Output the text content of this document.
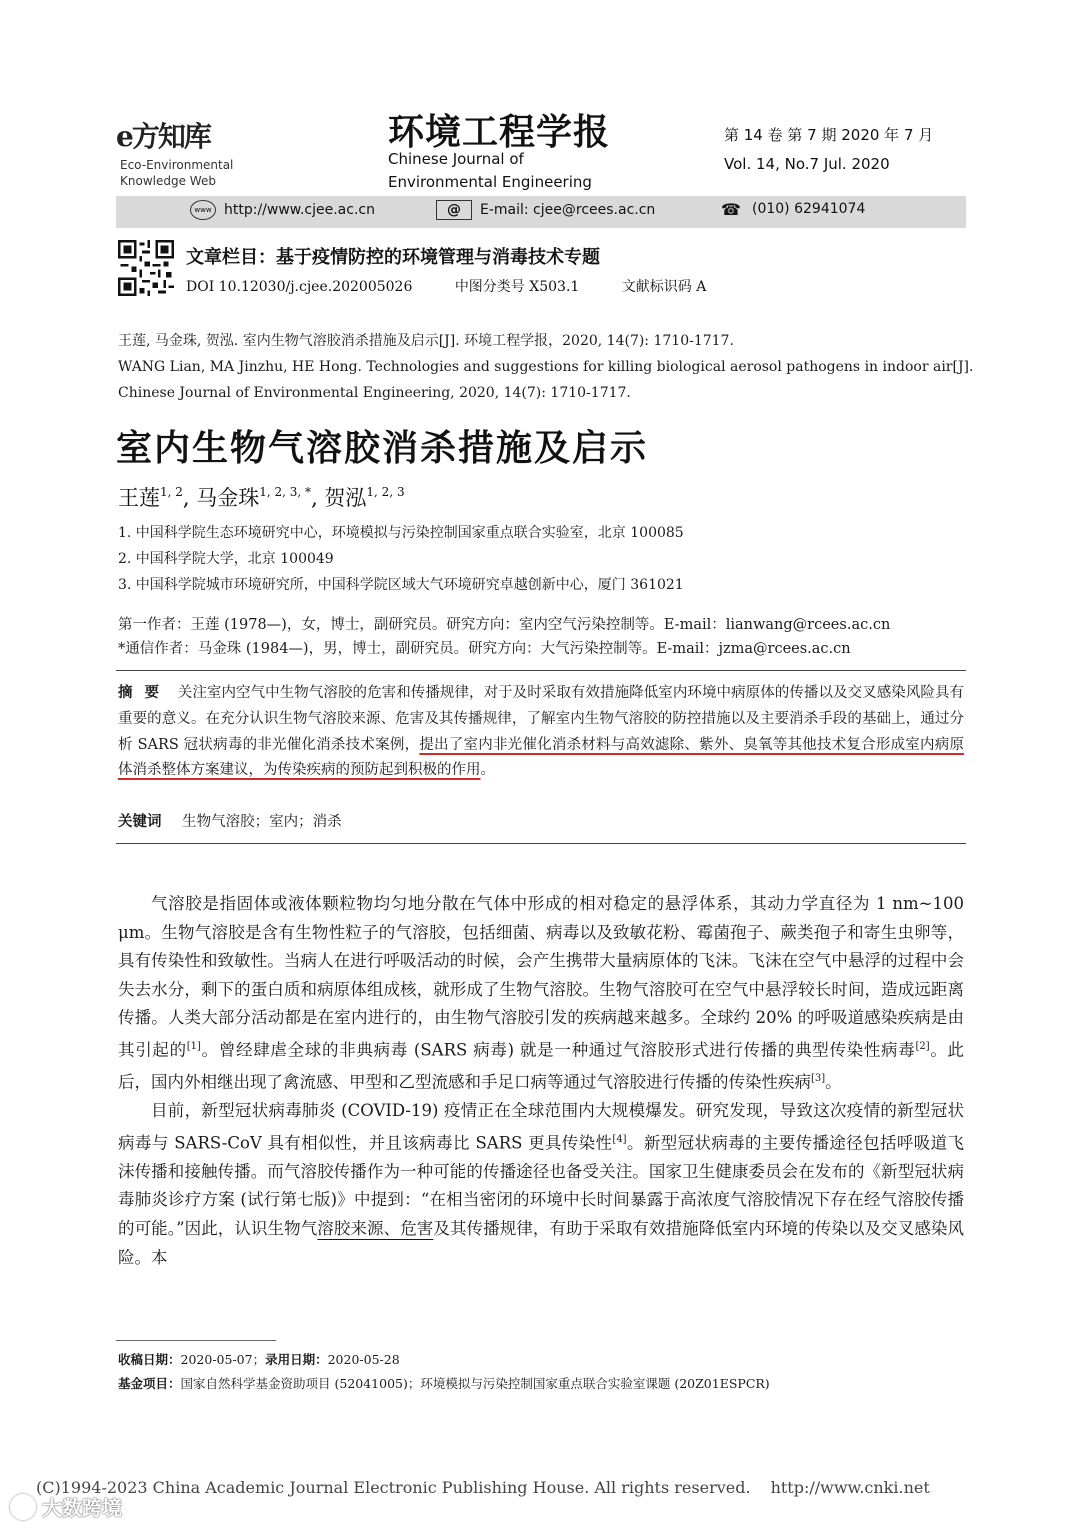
e方知库
Eco-Environmental
Knowledge Web
环境工程学报
Chinese Journal of
Environmental Engineering
第 14 卷 第 7 期 2020 年 7 月
Vol. 14, No.7 Jul. 2020
www http://www.cjee.ac.cn	@	E-mail: cjee@rcees.ac.cn	☎ (010) 62941074
文章栏目：基于疫情防控的环境管理与消毒技术专题
DOI 10.12030/j.cjee.202005026	中图分类号 X503.1	文献标识码 A
王莲, 马金珠, 贺泓. 室内生物气溶胶消杀措施及启示[J]. 环境工程学报，2020, 14(7): 1710-1717.
WANG Lian, MA Jinzhu, HE Hong. Technologies and suggestions for killing biological aerosol pathogens in indoor air[J].
Chinese Journal of Environmental Engineering, 2020, 14(7): 1710-1717.
室内生物气溶胶消杀措施及启示
王莲$^{1, 2}$, 马金珠$^{1, 2, 3, *}$, 贺泓$^{1, 2, 3}$
1. 中国科学院生态环境研究中心，环境模拟与污染控制国家重点联合实验室，北京 100085
2. 中国科学院大学，北京 100049
3. 中国科学院城市环境研究所，中国科学院区域大气环境研究卓越创新中心，厦门 361021
第一作者：王莲 (1978—)，女，博士，副研究员。研究方向：室内空气污染控制等。E-mail：lianwang@rcees.ac.cn
*通信作者：马金珠 (1984—)，男，博士，副研究员。研究方向：大气污染控制等。E-mail：jzma@rcees.ac.cn
摘要 关注室内空气中生物气溶胶的危害和传播规律，对于及时采取有效措施降低室内环境中病原体的传播以及交叉感染风险具有重要的意义。在充分认识生物气溶胶来源、危害及其传播规律，了解室内生物气溶胶的防控措施以及主要消杀手段的基础上，通过分析 SARS 冠状病毒的非光催化消杀技术案例，提出了室内非光催化消杀材料与高效滤除、紫外、臭氧等其他技术复合形成室内病原体消杀整体方案建议，为传染疾病的预防起到积极的作用。
关键词 生物气溶胶；室内；消杀

气溶胶是指固体或液体颗粒物均匀地分散在气体中形成的相对稳定的悬浮体系，其动力学直径为 1 nm~100 μm。生物气溶胶是含有生物性粒子的气溶胶，包括细菌、病毒以及致敏花粉、霉菌孢子、蕨类孢子和寄生虫卵等，具有传染性和致敏性。当病人在进行呼吸活动的时候，会产生携带大量病原体的飞沫。飞沫在空气中悬浮的过程中会失去水分，剩下的蛋白质和病原体组成核，就形成了生物气溶胶。生物气溶胶可在空气中悬浮较长时间，造成远距离传播。人类大部分活动都是在室内进行的，由生物气溶胶引发的疾病越来越多。全球约 20% 的呼吸道感染疾病是由其引起的[1]。曾经肆虐全球的非典病毒 (SARS 病毒) 就是一种通过气溶胶形式进行传播的典型传染性病毒[2]。此后，国内外相继出现了禽流感、甲型和乙型流感和手足口病等通过气溶胶进行传播的传染性疾病[3]。

目前，新型冠状病毒肺炎 (COVID-19) 疫情正在全球范围内大规模爆发。研究发现，导致这次疫情的新型冠状病毒与 SARS-CoV 具有相似性，并且该病毒比 SARS 更具传染性[4]。新型冠状病毒的主要传播途径包括呼吸道飞沫传播和接触传播。而气溶胶传播作为一种可能的传播途径也备受关注。国家卫生健康委员会在发布的《新型冠状病毒肺炎诊疗方案 (试行第七版)》中提到：“在相当密闭的环境中长时间暴露于高浓度气溶胶情况下存在经气溶胶传播的可能。”因此，认识生物气溶胶来源、危害及其传播规律，有助于采取有效措施降低室内环境的传染以及交叉感染风险。本

收稿日期：2020-05-07；录用日期：2020-05-28
基金项目：国家自然科学基金资助项目 (52041005)；环境模拟与污染控制国家重点联合实验室课题 (20Z01ESPCR)
(C)1994-2023 China Academic Journal Electronic Publishing House. All rights reserved. http://www.cnki.net
大数跨境
